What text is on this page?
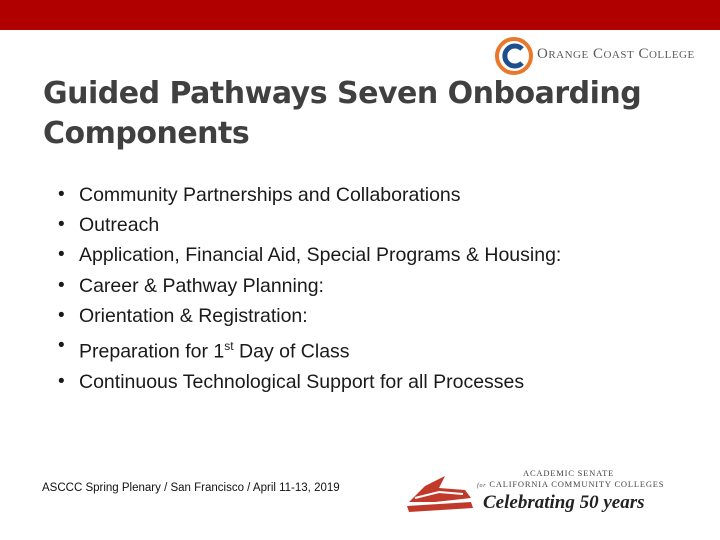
Orange Coast College
Guided Pathways Seven Onboarding
Components
• Community Partnerships and Collaborations
• Outreach
• Application, Financial Aid, Special Programs & Housing:
• Career & Pathway Planning:
• Orientation & Registration:
• Preparation for 1st Day of Class
• Continuous Technological Support for all Processes
ASCCC Spring Plenary / San Francisco / April 11-13, 2019
ACADEMIC SENATE
for CALIFORNIA COMMUNITY COLLEGES
Celebrating 50 years
